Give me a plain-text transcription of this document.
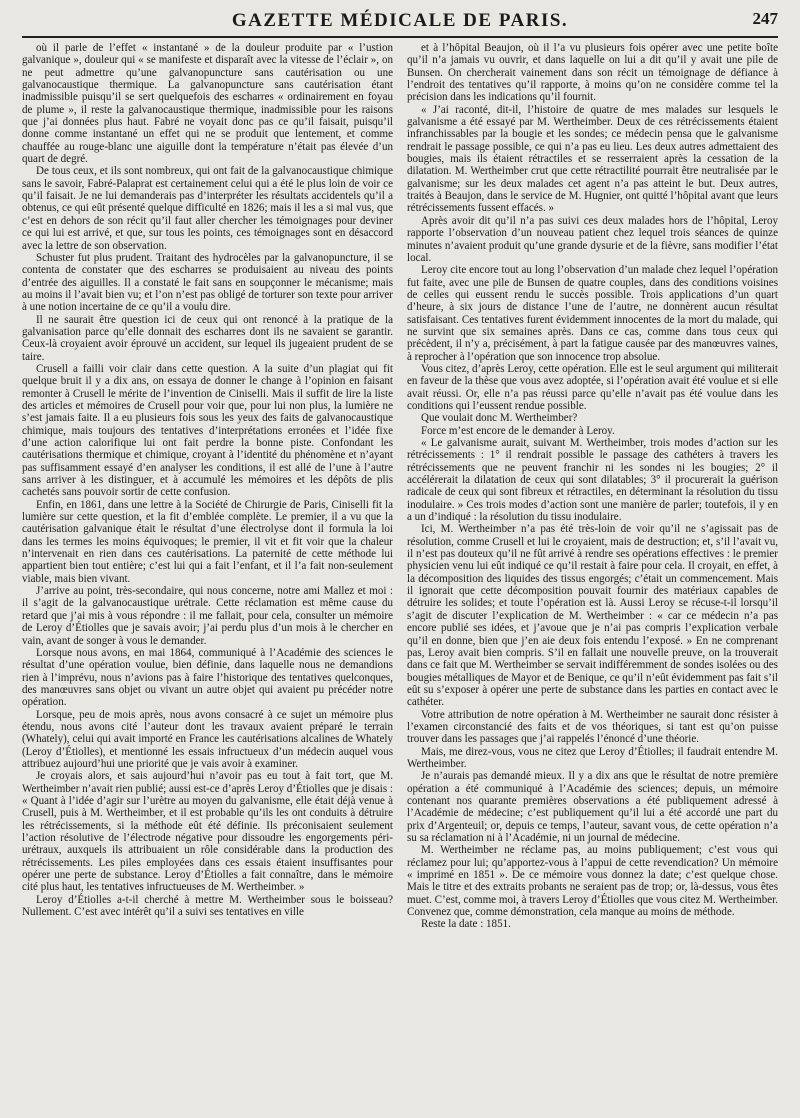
GAZETTE MÉDICALE DE PARIS.	247

où il parle de l’effet « instantané » de la douleur produite par « l’ustion galvanique », douleur qui « se manifeste et disparaît avec la vitesse de l’éclair », on ne peut admettre qu’une galvanopuncture sans cautérisation ou une galvanocaustique thermique. La galvanopuncture sans cautérisation étant inadmissible puisqu’il se sert quelquefois des escharres « ordinairement en foyau de plume », il reste la galvanocaustique thermique, inadmissible pour les raisons que j’ai données plus haut. Fabré ne voyait donc pas ce qu’il faisait, puisqu’il donne comme instantané un effet qui ne se produit que lentement, et comme chauffée au rouge-blanc une aiguille dont la température n’était pas élevée d’un quart de degré.

De tous ceux, et ils sont nombreux, qui ont fait de la galvanocaustique chimique sans le savoir, Fabré-Palaprat est certainement celui qui a été le plus loin de voir ce qu’il faisait. Je ne lui demanderais pas d’interpréter les résultats accidentels qu’il a obtenus, ce qui eût présenté quelque difficulté en 1826; mais il les a si mal vus, que c’est en dehors de son récit qu’il faut aller chercher les témoignages pour deviner ce qui lui est arrivé, et que, sur tous les points, ces témoignages sont en désaccord avec la lettre de son observation.

Schuster fut plus prudent. Traitant des hydrocèles par la galvanopuncture, il se contenta de constater que des escharres se produisaient au niveau des points d’entrée des aiguilles. Il a constaté le fait sans en soupçonner le mécanisme; mais au moins il l’avait bien vu; et l’on n’est pas obligé de torturer son texte pour arriver à une notion incertaine de ce qu’il a voulu dire.

Il ne saurait être question ici de ceux qui ont renoncé à la pratique de la galvanisation parce qu’elle donnait des escharres dont ils ne savaient se garantir. Ceux-là croyaient avoir éprouvé un accident, sur lequel ils jugeaient prudent de se taire.

Crusell a failli voir clair dans cette question. A la suite d’un plagiat qui fit quelque bruit il y a dix ans, on essaya de donner le change à l’opinion en faisant remonter à Crusell le mérite de l’invention de Ciniselli. Mais il suffit de lire la liste des articles et mémoires de Crusell pour voir que, pour lui non plus, la lumière ne s’est jamais faite. Il a eu plusieurs fois sous les yeux des faits de galvanocaustique chimique, mais toujours des tentatives d’interprétations erronées et l’idée fixe d’une action calorifique lui ont fait perdre la bonne piste. Confondant les cautérisations thermique et chimique, croyant à l’identité du phénomène et n’ayant pas suffisamment essayé d’en analyser les conditions, il est allé de l’une à l’autre sans arriver à les distinguer, et à accumulé les mémoires et les dépôts de plis cachetés sans pouvoir sortir de cette confusion.

Enfin, en 1861, dans une lettre à la Société de Chirurgie de Paris, Ciniselli fit la lumière sur cette question, et la fit d’emblée complète. Le premier, il a vu que la cautérisation galvanique était le résultat d’une électrolyse dont il formula la loi dans les termes les moins équivoques; le premier, il vit et fit voir que la chaleur n’intervenait en rien dans ces cautérisations. La paternité de cette méthode lui appartient bien tout entière; c’est lui qui a fait l’enfant, et il l’a fait non-seulement viable, mais bien vivant.

J’arrive au point, très-secondaire, qui nous concerne, notre ami Mallez et moi : il s’agit de la galvanocaustique urétrale. Cette réclamation est même cause du retard que j’ai mis à vous répondre : il me fallait, pour cela, consulter un mémoire de Leroy d’Étiolles que je savais avoir; j’ai perdu plus d’un mois à le chercher en vain, avant de songer à vous le demander.

Lorsque nous avons, en mai 1864, communiqué à l’Académie des sciences le résultat d’une opération voulue, bien définie, dans laquelle nous ne demandions rien à l’imprévu, nous n’avions pas à faire l’historique des tentatives quelconques, des manœuvres sans objet ou vivant un autre objet qui avaient pu précéder notre opération.

Lorsque, peu de mois après, nous avons consacré à ce sujet un mémoire plus étendu, nous avons cité l’auteur dont les travaux avaient préparé le terrain (Whately), celui qui avait importé en France les cautérisations alcalines de Whately (Leroy d’Étiolles), et mentionné les essais infructueux d’un médecin auquel vous attribuez aujourd’hui une priorité que je vais avoir à examiner.

Je croyais alors, et sais aujourd’hui n’avoir pas eu tout à fait tort, que M. Wertheimber n’avait rien publié; aussi est-ce d’après Leroy d’Étiolles que je disais : « Quant à l’idée d’agir sur l’urètre au moyen du galvanisme, elle était déjà venue à Crusell, puis à M. Wertheimber, et il est probable qu’ils les ont conduits à détruire les rétrécissements, si la méthode eût été définie. Ils préconisaient seulement l’action résolutive de l’électrode négative pour dissoudre les engorgements péri-urétraux, auxquels ils attribuaient un rôle considérable dans la production des rétrécissements. Les piles employées dans ces essais étaient insuffisantes pour opérer une perte de substance. Leroy d’Étiolles a fait connaître, dans le mémoire cité plus haut, les tentatives infructueuses de M. Wertheimber. »

Leroy d’Étiolles a-t-il cherché à mettre M. Wertheimber sous le boisseau? Nullement. C’est avec intérêt qu’il a suivi ses tentatives en ville

et à l’hôpital Beaujon, où il l’a vu plusieurs fois opérer avec une petite boîte qu’il n’a jamais vu ouvrir, et dans laquelle on lui a dit qu’il y avait une pile de Bunsen. On chercherait vainement dans son récit un témoignage de défiance à l’endroit des tentatives qu’il rapporte, à moins qu’on ne considère comme tel la précision dans les indications qu’il fournit.

« J’ai raconté, dit-il, l’histoire de quatre de mes malades sur lesquels le galvanisme a été essayé par M. Wertheimber. Deux de ces rétrécissements étaient infranchissables par la bougie et les sondes; ce médecin pensa que le galvanisme rendrait le passage possible, ce qui n’a pas eu lieu. Les deux autres admettaient des bougies, mais ils étaient rétractiles et se resserraient après la cessation de la dilatation. M. Wertheimber crut que cette rétractilité pourrait être neutralisée par le galvanisme; sur les deux malades cet agent n’a pas atteint le but. Deux autres, traités à Beaujon, dans le service de M. Hugnier, ont quitté l’hôpital avant que leurs rétrécissements fussent effacés. »

Après avoir dit qu’il n’a pas suivi ces deux malades hors de l’hôpital, Leroy rapporte l’observation d’un nouveau patient chez lequel trois séances de quinze minutes n’avaient produit qu’une grande dysurie et de la fièvre, sans modifier l’état local.

Leroy cite encore tout au long l’observation d’un malade chez lequel l’opération fut faite, avec une pile de Bunsen de quatre couples, dans des conditions voisines de celles qui eussent rendu le succès possible. Trois applications d’un quart d’heure, à six jours de distance l’une de l’autre, ne donnèrent aucun résultat satisfaisant. Ces tentatives furent évidemment innocentes de la mort du malade, qui ne survint que six semaines après. Dans ce cas, comme dans tous ceux qui précèdent, il n’y a, précisément, à part la fatigue causée par des manœuvres vaines, à reprocher à l’opération que son innocence trop absolue.

Vous citez, d’après Leroy, cette opération. Elle est le seul argument qui militerait en faveur de la thèse que vous avez adoptée, si l’opération avait été voulue et si elle avait réussi. Or, elle n’a pas réussi parce qu’elle n’avait pas été voulue dans les conditions qui l’eussent rendue possible.

Que voulait donc M. Wertheimber?

Force m’est encore de le demander à Leroy.

« Le galvanisme aurait, suivant M. Wertheimber, trois modes d’action sur les rétrécissements : 1° il rendrait possible le passage des cathéters à travers les rétrécissements que ne peuvent franchir ni les sondes ni les bougies; 2° il accélérerait la dilatation de ceux qui sont dilatables; 3° il procurerait la guérison radicale de ceux qui sont fibreux et rétractiles, en déterminant la résolution du tissu inodulaire. » Ces trois modes d’action sont une manière de parler; toutefois, il y en a un d’indiqué : la résolution du tissu inodulaire.

Ici, M. Wertheimber n’a pas été très-loin de voir qu’il ne s’agissait pas de résolution, comme Crusell et lui le croyaient, mais de destruction; et, s’il l’avait vu, il n’est pas douteux qu’il ne fût arrivé à rendre ses opérations effectives : le premier physicien venu lui eût indiqué ce qu’il restait à faire pour cela. Il croyait, en effet, à la décomposition des liquides des tissus engorgés; c’était un commencement. Mais il ignorait que cette décomposition pouvait fournir des matériaux capables de détruire les solides; et toute l’opération est là. Aussi Leroy se récuse-t-il lorsqu’il s’agit de discuter l’explication de M. Wertheimber : « car ce médecin n’a pas encore publié ses idées, et j’avoue que je n’ai pas compris l’explication verbale qu’il en donne, bien que j’en aie deux fois entendu l’exposé. » En ne comprenant pas, Leroy avait bien compris. S’il en fallait une nouvelle preuve, on la trouverait dans ce fait que M. Wertheimber se servait indifféremment de sondes isolées ou des bougies métalliques de Mayor et de Benique, ce qu’il n’eût évidemment pas fait s’il eût su s’exposer à opérer une perte de substance dans les parties en contact avec le cathéter.

Votre attribution de notre opération à M. Wertheimber ne saurait donc résister à l’examen circonstancié des faits et de vos théoriques, si tant est qu’on puisse trouver dans les passages que j’ai rappelés l’énoncé d’une théorie.

Mais, me direz-vous, vous ne citez que Leroy d’Étiolles; il faudrait entendre M. Wertheimber.

Je n’aurais pas demandé mieux. Il y a dix ans que le résultat de notre première opération a été communiqué à l’Académie des sciences; depuis, un mémoire contenant nos quarante premières observations a été publiquement adressé à l’Académie de médecine; c’est publiquement qu’il lui a été accordé une part du prix d’Argenteuil; or, depuis ce temps, l’auteur, savant vous, de cette opération n’a su sa réclamation ni à l’Académie, ni un journal de médecine.

M. Wertheimber ne réclame pas, au moins publiquement; c’est vous qui réclamez pour lui; qu’apportez-vous à l’appui de cette revendication? Un mémoire « imprimé en 1851 ». De ce mémoire vous donnez la date; c’est quelque chose. Mais le titre et des extraits probants ne seraient pas de trop; or, là-dessus, vous êtes muet. C’est, comme moi, à travers Leroy d’Étiolles que vous citez M. Wertheimber. Convenez que, comme démonstration, cela manque au moins de méthode.

Reste la date : 1851.
